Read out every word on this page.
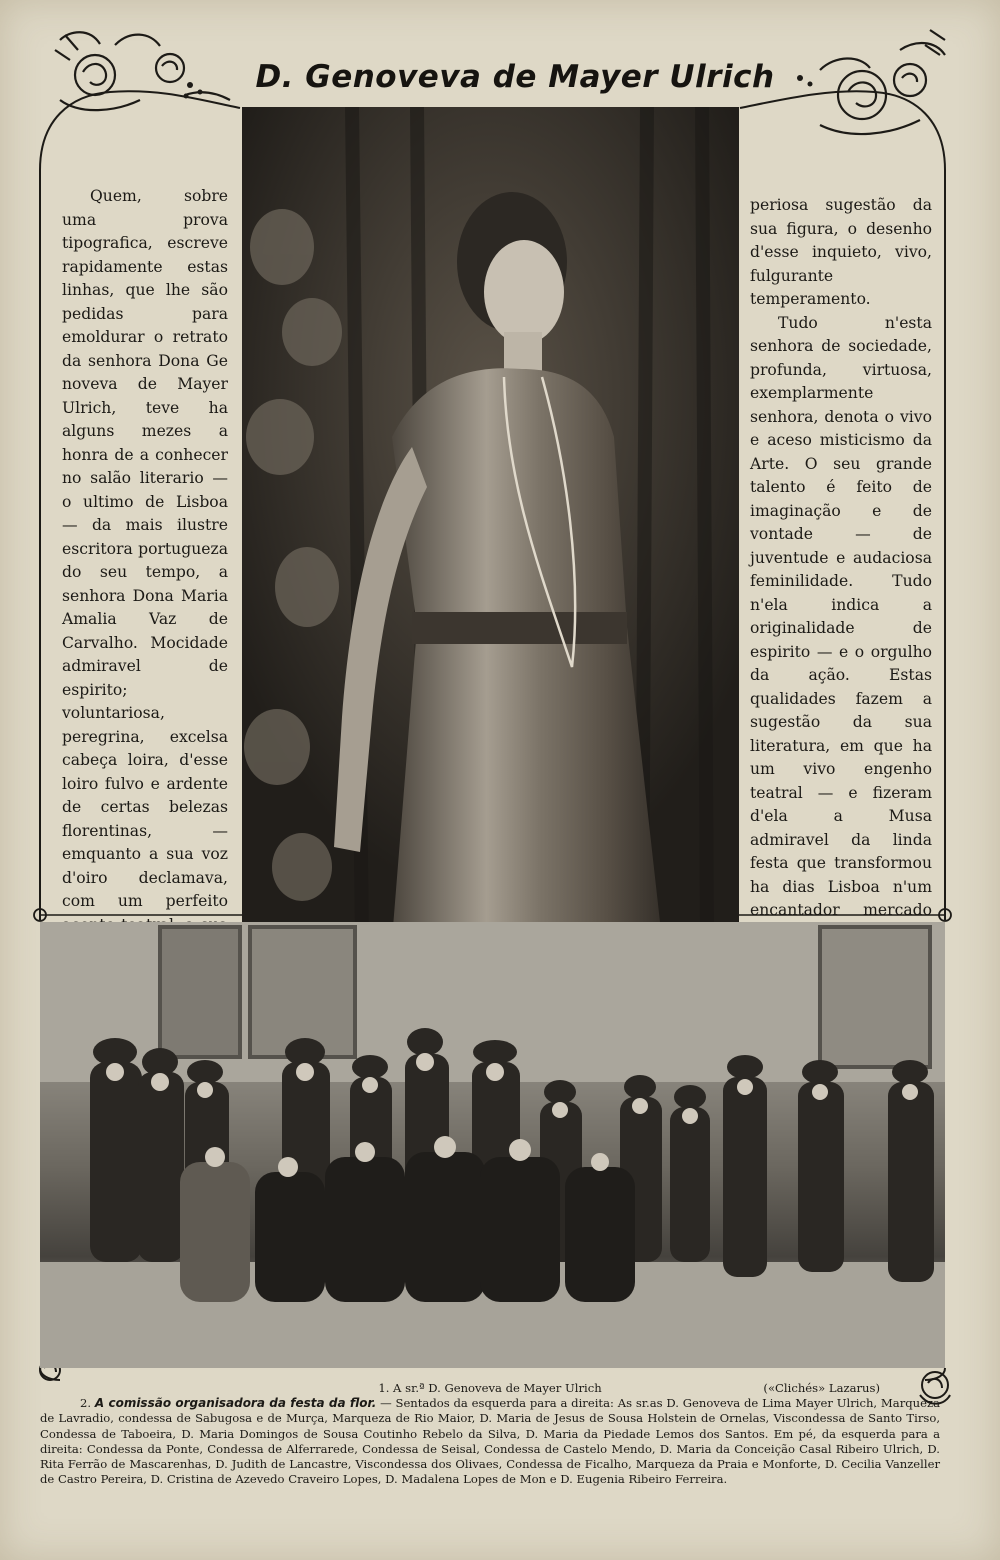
D. Genoveva de Mayer Ulrich

Quem, sobre uma prova tipografica, escreve rapidamente estas linhas, que lhe são pedidas para emoldurar o retrato da senhora Dona Ge noveva de Mayer Ulrich, teve ha alguns mezes a honra de a conhecer no salão literario — o ultimo de Lisboa — da mais ilustre escritora portugueza do seu tempo, a senhora Dona Maria Amalia Vaz de Carvalho. Mocidade admiravel de espirito; voluntariosa, peregrina, excelsa cabeça loira, d'esse loiro fulvo e ardente de certas belezas florentinas, — emquanto a sua voz d'oiro declamava, com um perfeito

periosa sugestão da sua figura, o desenho d'esse inquieto, vivo, fulgurante temperamento.

Tudo n'esta senhora de sociedade, profunda, virtuosa, exemplarmente senhora, denota o vivo e aceso misticismo da Arte. O seu grande talento é feito de imaginação e de vontade — de juventude e audaciosa feminilidade. Tudo n'ela indica a originalidade de espirito — e o orgulho da ação. Estas qualidades fazem a sugestão da sua literatura, em que ha um vivo engenho teatral — e fizeram d'ela a Musa admiravel da linda festa que transformou ha dias Lisboa n'um encantador mercado

1. A sr.ª D. Genoveva de Mayer Ulrich	(«Clichés» Lazarus)

2. A comissão organisadora da festa da flor. — Sentados da esquerda para a direita: As sr.as D. Genoveva de Lima Mayer Ulrich, Marqueza de Lavradio, condessa de Sabugosa e de Murça, Marqueza de Rio Maior, D. Maria de Jesus de Sousa Holstein de Ornelas, Viscondessa de Santo Tirso, Condessa de Taboeira, D. Maria Domingos de Sousa Coutinho Rebelo da Silva, D. Maria da Piedade Lemos dos Santos. Em pé, da esquerda para a direita: Condessa da Ponte, Condessa de Alferrarede, Condessa de Seisal, Condessa de Castelo Mendo, D. Maria da Conceição Casal Ribeiro Ulrich, D. Rita Ferrão de Mascarenhas, D. Judith de Lancastre, Viscondessa dos Olivaes, Condessa de Ficalho, Marqueza da Praia e Monforte, D. Cecilia Vanzeller de Castro Pereira, D. Cristina de Azevedo Craveiro Lopes, D. Madalena Lopes de Mon e D. Eugenia Ribeiro Ferreira.
